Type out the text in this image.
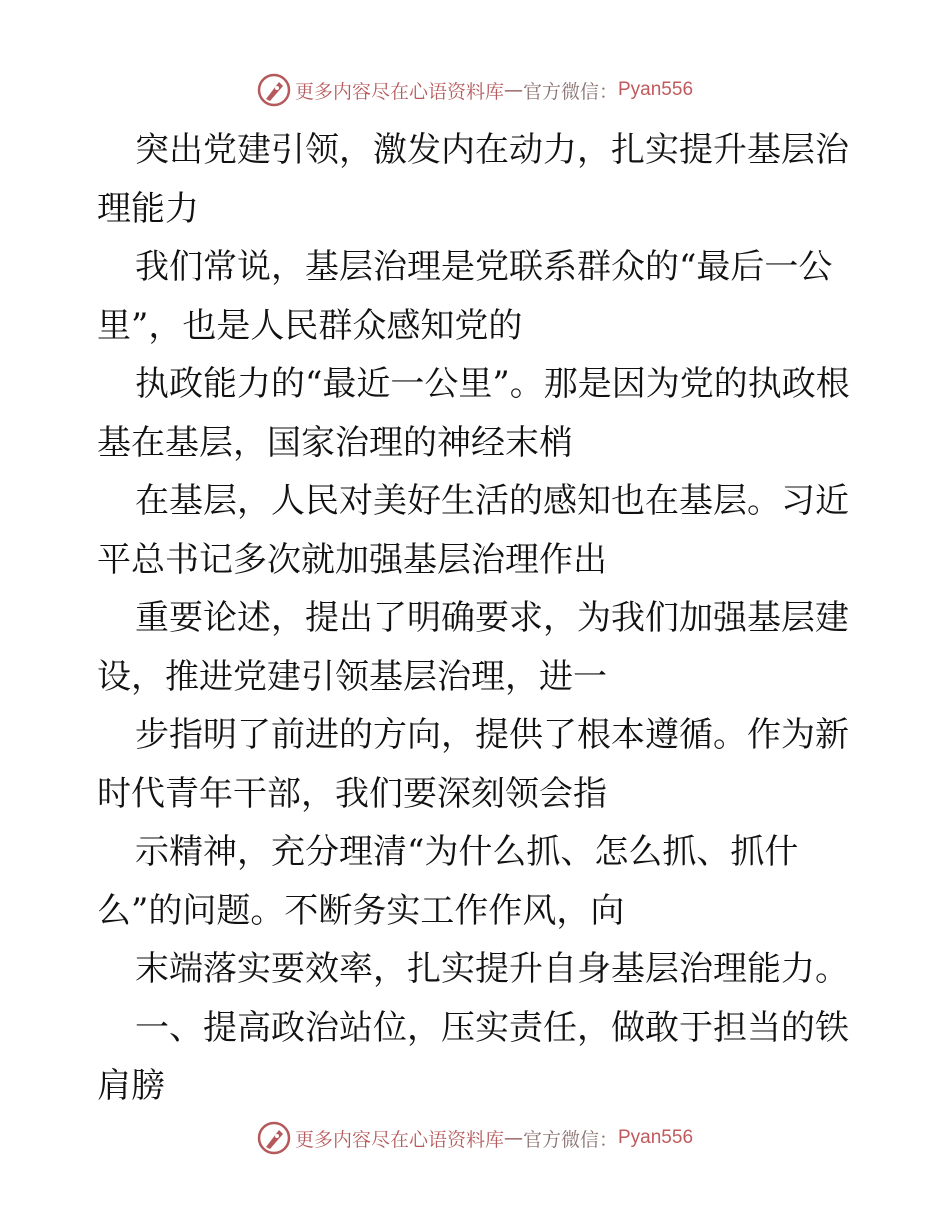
更多内容尽在心语资料库 — 官方微信： Pyan556

突出党建引领，激发内在动力，扎实提升基层治理能力

我们常说，基层治理是党联系群众的“最后一公里”，也是人民群众感知党的

执政能力的“最近一公里”。那是因为党的执政根基在基层，国家治理的神经末梢

在基层，人民对美好生活的感知也在基层。习近平总书记多次就加强基层治理作出

重要论述，提出了明确要求，为我们加强基层建设，推进党建引领基层治理，进一

步指明了前进的方向，提供了根本遵循。作为新时代青年干部，我们要深刻领会指

示精神，充分理清“为什么抓、怎么抓、抓什么”的问题。不断务实工作作风，向

末端落实要效率，扎实提升自身基层治理能力。

一、提高政治站位，压实责任，做敢于担当的铁肩膀

更多内容尽在心语资料库 — 官方微信： Pyan556
